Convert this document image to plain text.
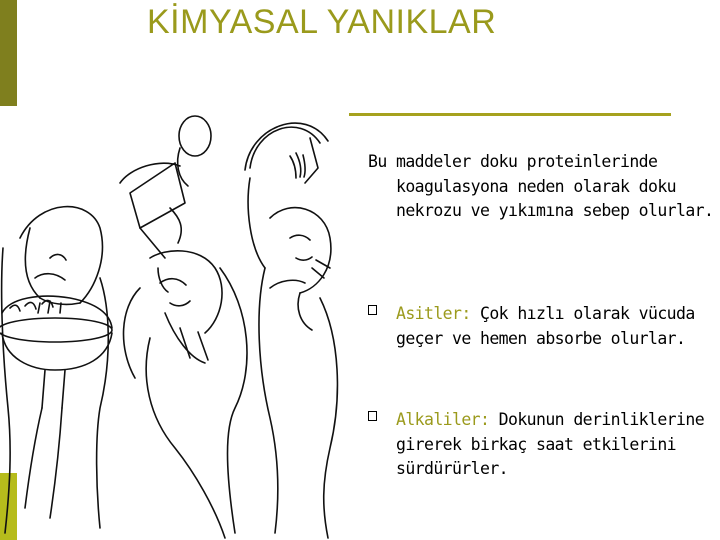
KİMYASAL YANIKLAR
Bu maddeler doku proteinlerinde koagulasyona neden olarak doku nekrozu ve yıkımına sebep olurlar.
Asitler: Çok hızlı olarak vücuda geçer ve hemen absorbe olurlar.
Alkaliler: Dokunun derinliklerine girerek birkaç saat etkilerini sürdürürler.
